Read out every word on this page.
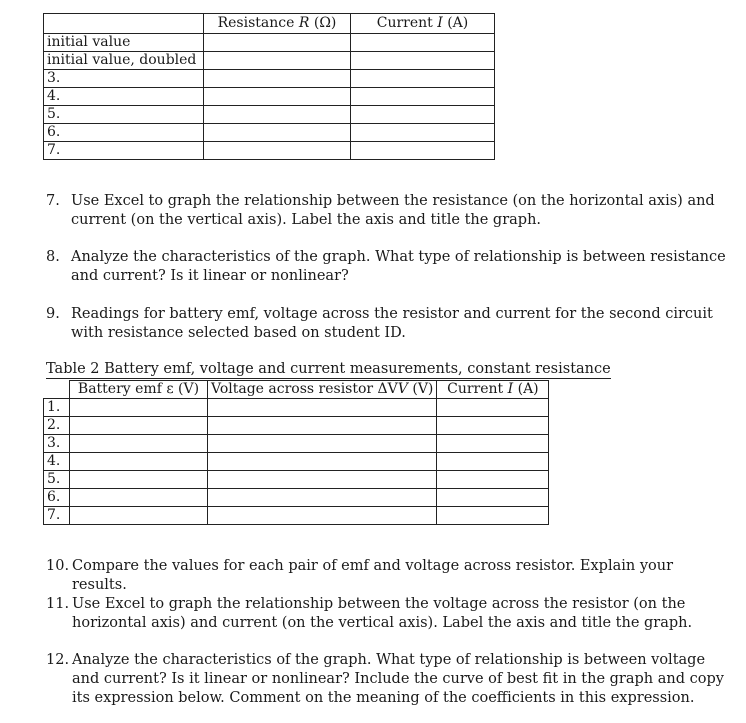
	Resistance R (Ω)	Current I (A)
initial value		
initial value, doubled		
3.		
4.		
5.		
6.		
7.		
7. Use Excel to graph the relationship between the resistance (on the horizontal axis) and current (on the vertical axis). Label the axis and title the graph.
8. Analyze the characteristics of the graph. What type of relationship is between resistance and current? Is it linear or nonlinear?
9. Readings for battery emf, voltage across the resistor and current for the second circuit with resistance selected based on student ID.
Table 2 Battery emf, voltage and current measurements, constant resistance
	Battery emf ε (V)	Voltage across resistor ΔVV (V)	Current I (A)
1.			
2.			
3.			
4.			
5.			
6.			
7.			
10. Compare the values for each pair of emf and voltage across resistor. Explain your results.
11. Use Excel to graph the relationship between the voltage across the resistor (on the horizontal axis) and current (on the vertical axis). Label the axis and title the graph.
12. Analyze the characteristics of the graph. What type of relationship is between voltage and current? Is it linear or nonlinear? Include the curve of best fit in the graph and copy its expression below. Comment on the meaning of the coefficients in this expression.
